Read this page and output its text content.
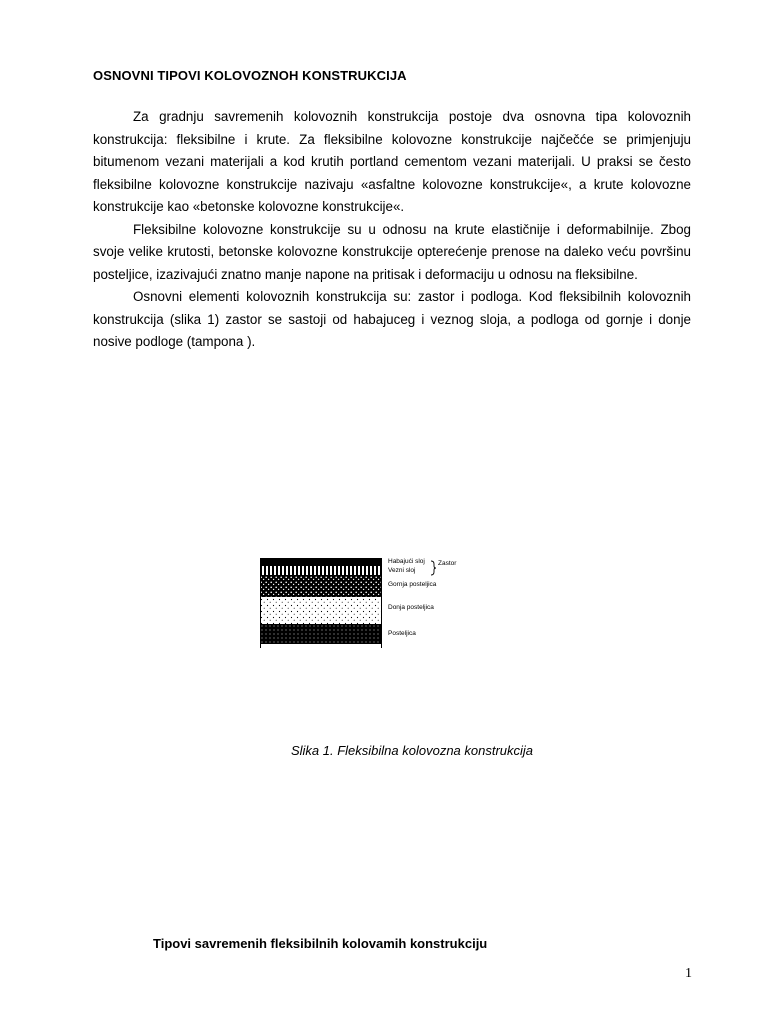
OSNOVNI TIPOVI KOLOVOZNOH KONSTRUKCIJA

Za gradnju savremenih kolovoznih konstrukcija postoje dva osnovna tipa kolovoznih konstrukcija: fleksibilne i krute. Za fleksibilne kolovozne konstrukcije najčečće se primjenjuju bitumenom vezani materijali a kod krutih portland cementom vezani materijali. U praksi se često fleksibilne kolovozne konstrukcije nazivaju «asfaltne kolovozne konstrukcije«, a krute kolovozne konstrukcije kao «betonske kolovozne konstrukcije«.

Fleksibilne kolovozne konstrukcije su u odnosu na krute elastičnije i deformabilnije. Zbog svoje velike krutosti, betonske kolovozne konstrukcije opterećenje prenose na daleko veću površinu posteljice, izazivajući znatno manje napone na pritisak i deformaciju u odnosu na fleksibilne.

Osnovni elementi kolovoznih konstrukcija su: zastor i podloga. Kod fleksibilnih kolovoznih konstrukcija (slika 1) zastor se sastoji od habajuceg i veznog sloja, a podloga od gornje i donje nosive podloge (tampona ).

Habajući sloj
Vezni sloj
Zastor
Gornja posteljica
Donja posteljica
Posteljica
Slika 1. Fleksibilna kolovozna konstrukcija
Tipovi savremenih fleksibilnih kolovamih konstrukciju
1
